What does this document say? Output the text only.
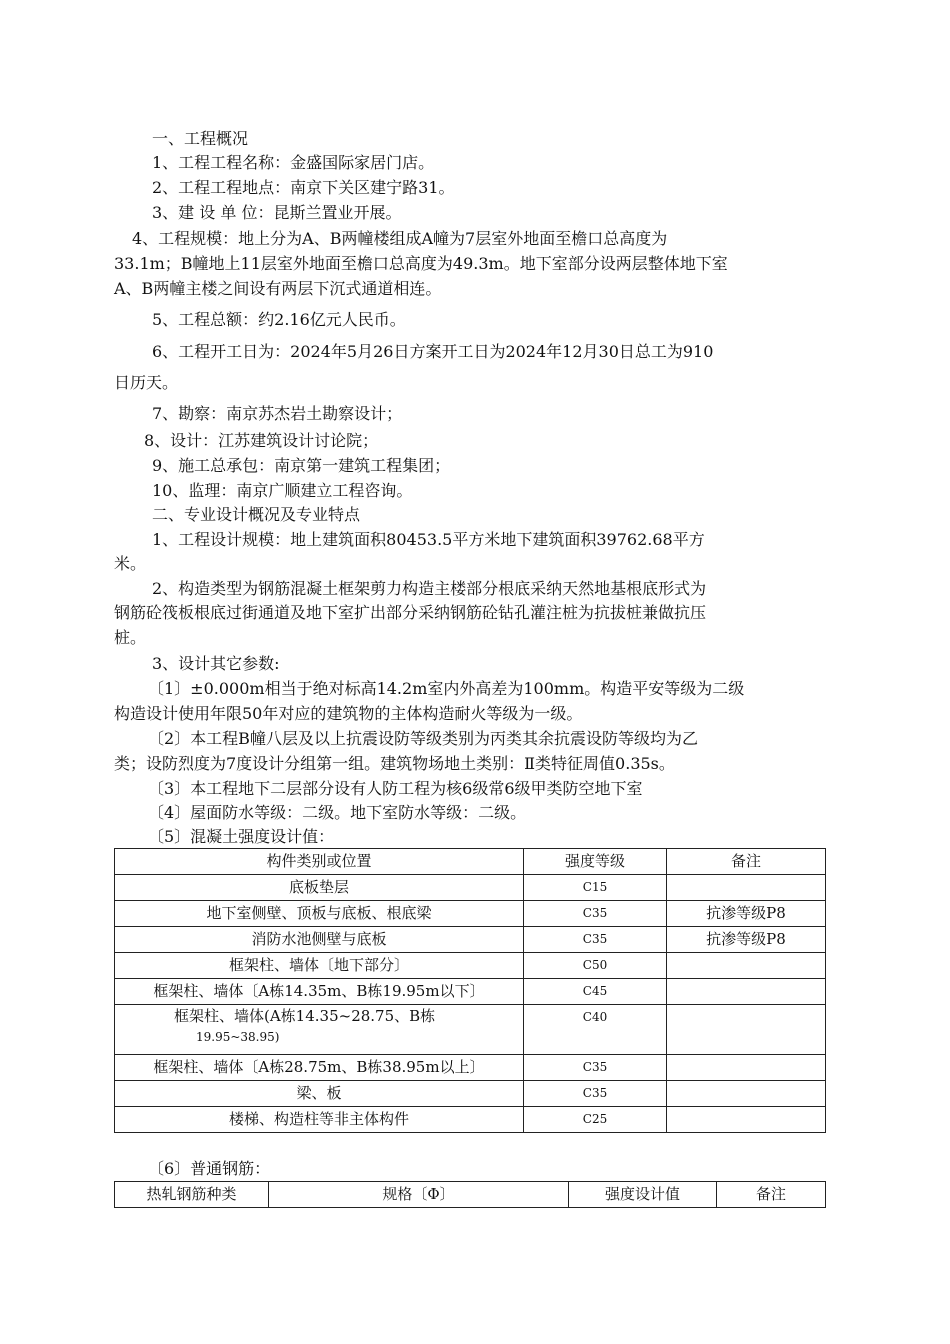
一、工程概况
1、工程工程名称：金盛国际家居门店。
2、工程工程地点：南京下关区建宁路31。
3、建 设 单 位：昆斯兰置业开展。
4、工程规模：地上分为A、B两幢楼组成A幢为7层室外地面至檐口总高度为
33.1m；B幢地上11层室外地面至檐口总高度为49.3m。地下室部分设两层整体地下室
A、B两幢主楼之间设有两层下沉式通道相连。
5、工程总额：约2.16亿元人民币。
6、工程开工日为：2024年5月26日方案开工日为2024年12月30日总工为910
日历天。
7、勘察：南京苏杰岩土勘察设计；
8、设计：江苏建筑设计讨论院；
9、施工总承包：南京第一建筑工程集团；
10、监理：南京广顺建立工程咨询。
二、专业设计概况及专业特点
1、工程设计规模：地上建筑面积80453.5平方米地下建筑面积39762.68平方
米。
2、构造类型为钢筋混凝土框架剪力构造主楼部分根底采纳天然地基根底形式为
钢筋砼筏板根底过街通道及地下室扩出部分采纳钢筋砼钻孔灌注桩为抗拔桩兼做抗压
桩。
3、设计其它参数:
〔1〕±0.000m相当于绝对标高14.2m室内外高差为100mm。构造平安等级为二级
构造设计使用年限50年对应的建筑物的主体构造耐火等级为一级。
〔2〕本工程B幢八层及以上抗震设防等级类别为丙类其余抗震设防等级均为乙
类；设防烈度为7度设计分组第一组。建筑物场地土类别：Ⅱ类特征周值0.35s。
〔3〕本工程地下二层部分设有人防工程为核6级常6级甲类防空地下室
〔4〕屋面防水等级：二级。地下室防水等级：二级。
〔5〕混凝土强度设计值：
构件类别或位置	强度等级	备注
底板垫层	C15	
地下室侧壁、顶板与底板、根底梁	C35	抗渗等级P8
消防水池侧壁与底板	C35	抗渗等级P8
框架柱、墙体〔地下部分〕	C50	
框架柱、墙体〔A栋14.35m、B栋19.95m以下〕	C45	

框架柱、墙体(A栋14.35~28.75、B栋
19.95~38.95)	C40	
框架柱、墙体〔A栋28.75m、B栋38.95m以上〕	C35	
梁、板	C35	
楼梯、构造柱等非主体构件	C25	
〔6〕普通钢筋：
热轧钢筋种类	规格〔Φ〕	强度设计值	备注
